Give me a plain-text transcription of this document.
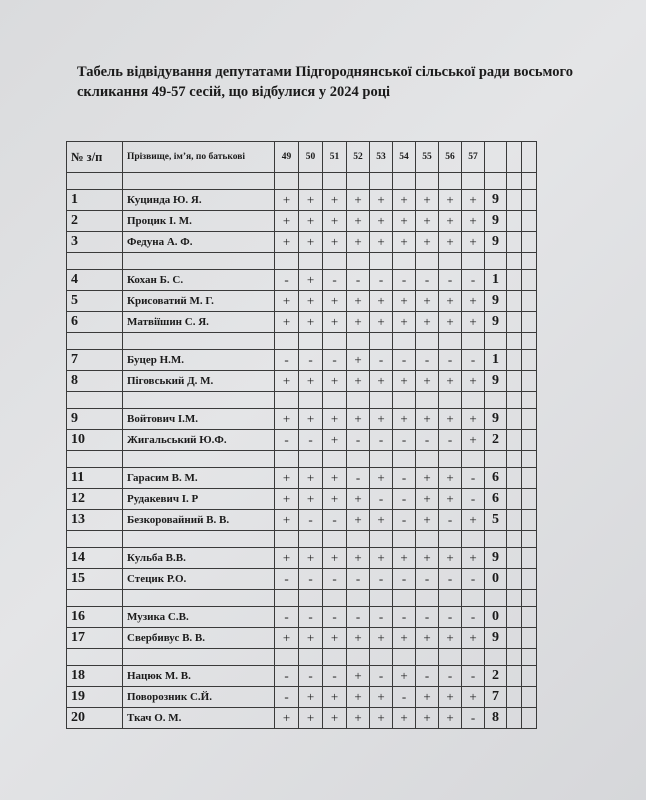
Табель відвідування депутатами Підгороднянської сільської ради восьмого
скликання 49-57 сесій, що відбулися у 2024 році
№ з/п	Прізвище, ім’я, по батькові	49	50	51	52	53	54	55	56	57			

1	Куцинда Ю. Я.	+	+	+	+	+	+	+	+	+	9		
2	Процик І. М.	+	+	+	+	+	+	+	+	+	9		
3	Федуна А. Ф.	+	+	+	+	+	+	+	+	+	9		

4	Кохан Б. С.	-	+	-	-	-	-	-	-	-	1		
5	Крисоватий М. Г.	+	+	+	+	+	+	+	+	+	9		
6	Матвіїшин С. Я.	+	+	+	+	+	+	+	+	+	9		

7	Буцер Н.М.	-	-	-	+	-	-	-	-	-	1		
8	Піговський Д. М.	+	+	+	+	+	+	+	+	+	9		

9	Войтович І.М.	+	+	+	+	+	+	+	+	+	9		
10	Жигальський Ю.Ф.	-	-	+	-	-	-	-	-	+	2		

11	Гарасим В. М.	+	+	+	-	+	-	+	+	-	6		
12	Рудакевич І. Р	+	+	+	+	-	-	+	+	-	6		
13	Безкоровайний В. В.	+	-	-	+	+	-	+	-	+	5		

14	Кульба В.В.	+	+	+	+	+	+	+	+	+	9		
15	Стецик Р.О.	-	-	-	-	-	-	-	-	-	0		

16	Музика С.В.	-	-	-	-	-	-	-	-	-	0		
17	Свербивус В. В.	+	+	+	+	+	+	+	+	+	9		

18	Нацюк М. В.	-	-	-	+	-	+	-	-	-	2		
19	Поворозник С.Й.	-	+	+	+	+	-	+	+	+	7		
20	Ткач О. М.	+	+	+	+	+	+	+	+	-	8		
